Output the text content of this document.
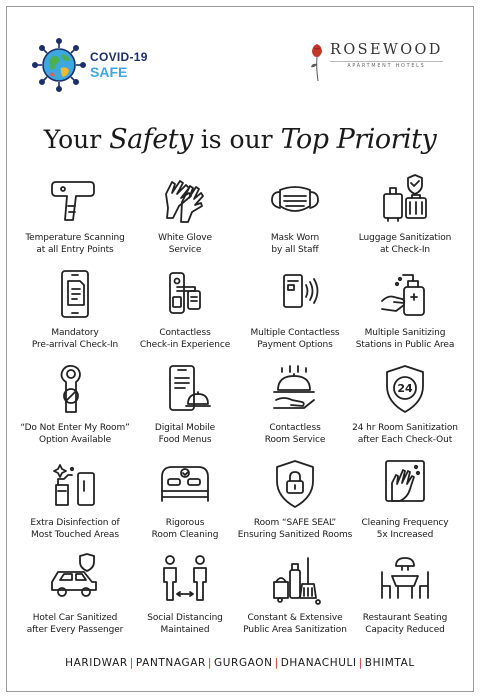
COVID-19
SAFE
ROSEWOOD
APARTMENT HOTELS
Your Safety is our Top Priority
Temperature Scanning
at all Entry Points
White Glove
Service
Mask Worn
by all Staff
Luggage Sanitization
at Check-In
Mandatory
Pre-arrival Check-In
Contactless
Check-in Experience
Multiple Contactless
Payment Options
Multiple Sanitizing
Stations in Public Area
“Do Not Enter My Room”
Option Available
Digital Mobile
Food Menus
Contactless
Room Service
24
24 hr Room Sanitization
after Each Check-Out
Extra Disinfection of
Most Touched Areas
Rigorous
Room Cleaning
Room “SAFE SEAL”
Ensuring Sanitized Rooms
Cleaning Frequency
5x Increased
Hotel Car Sanitized
after Every Passenger
Social Distancing
Maintained
Constant & Extensive
Public Area Sanitization
Restaurant Seating
Capacity Reduced
HARIDWAR | PANTNAGAR | GURGAON | DHANACHULI | BHIMTAL
